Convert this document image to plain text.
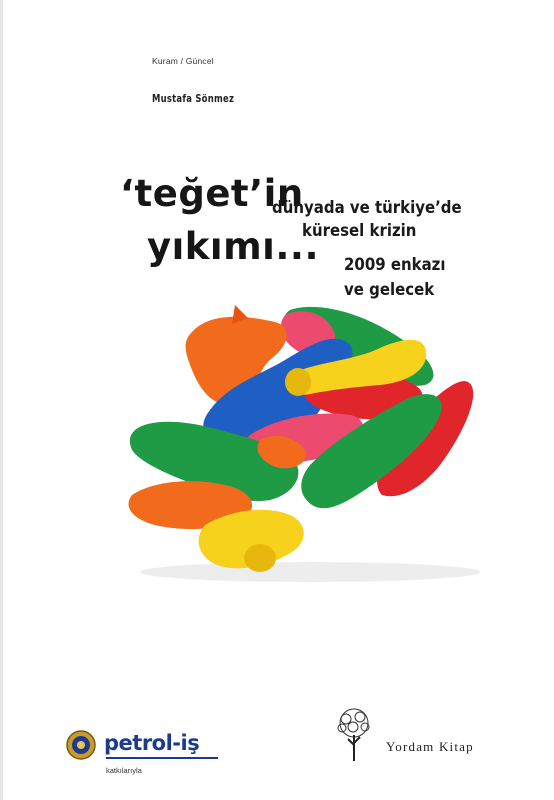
Kuram / Güncel
Mustafa Sönmez
‘teğet’in
yıkımı...
dünyada ve türkiye’de
küresel krizin
2009 enkazı
ve gelecek
petrol-iş
katkılarıyla
Yordam Kitap
